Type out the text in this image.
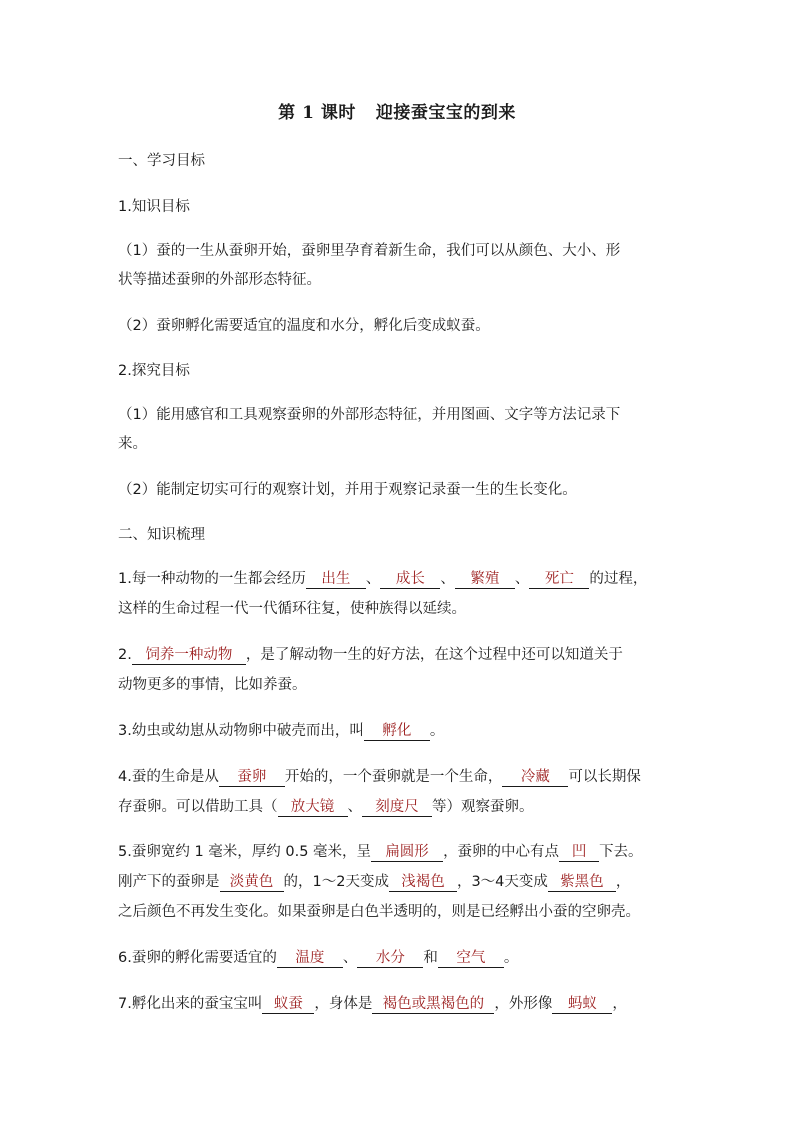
第 1 课时 迎接蚕宝宝的到来
一、学习目标
1.知识目标
（1）蚕的一生从蚕卵开始，蚕卵里孕育着新生命，我们可以从颜色、大小、形
状等描述蚕卵的外部形态特征。
（2）蚕卵孵化需要适宜的温度和水分，孵化后变成蚁蚕。
2.探究目标
（1）能用感官和工具观察蚕卵的外部形态特征，并用图画、文字等方法记录下
来。
（2）能制定切实可行的观察计划，并用于观察记录蚕一生的生长变化。
二、知识梳理
1.每一种动物的一生都会经历 出生 、 成长 、 繁殖 、 死亡 的过程，
这样的生命过程一代一代循环往复，使种族得以延续。
2. 饲养一种动物 ，是了解动物一生的好方法，在这个过程中还可以知道关于
动物更多的事情，比如养蚕。
3.幼虫或幼崽从动物卵中破壳而出，叫 孵化 。
4.蚕的生命是从 蚕卵 开始的，一个蚕卵就是一个生命， 冷藏 可以长期保
存蚕卵。可以借助工具（ 放大镜 、 刻度尺 等）观察蚕卵。
5.蚕卵宽约 1 毫米，厚约 0.5 毫米，呈 扁圆形 ，蚕卵的中心有点 凹 下去。
刚产下的蚕卵是 淡黄色 的，1～2天变成 浅褐色 ，3～4天变成 紫黑色 ，
之后颜色不再发生变化。如果蚕卵是白色半透明的，则是已经孵出小蚕的空卵壳。
6.蚕卵的孵化需要适宜的 温度 、 水分 和 空气 。
7.孵化出来的蚕宝宝叫 蚁蚕 ，身体是 褐色或黑褐色的 ，外形像 蚂蚁 ，
